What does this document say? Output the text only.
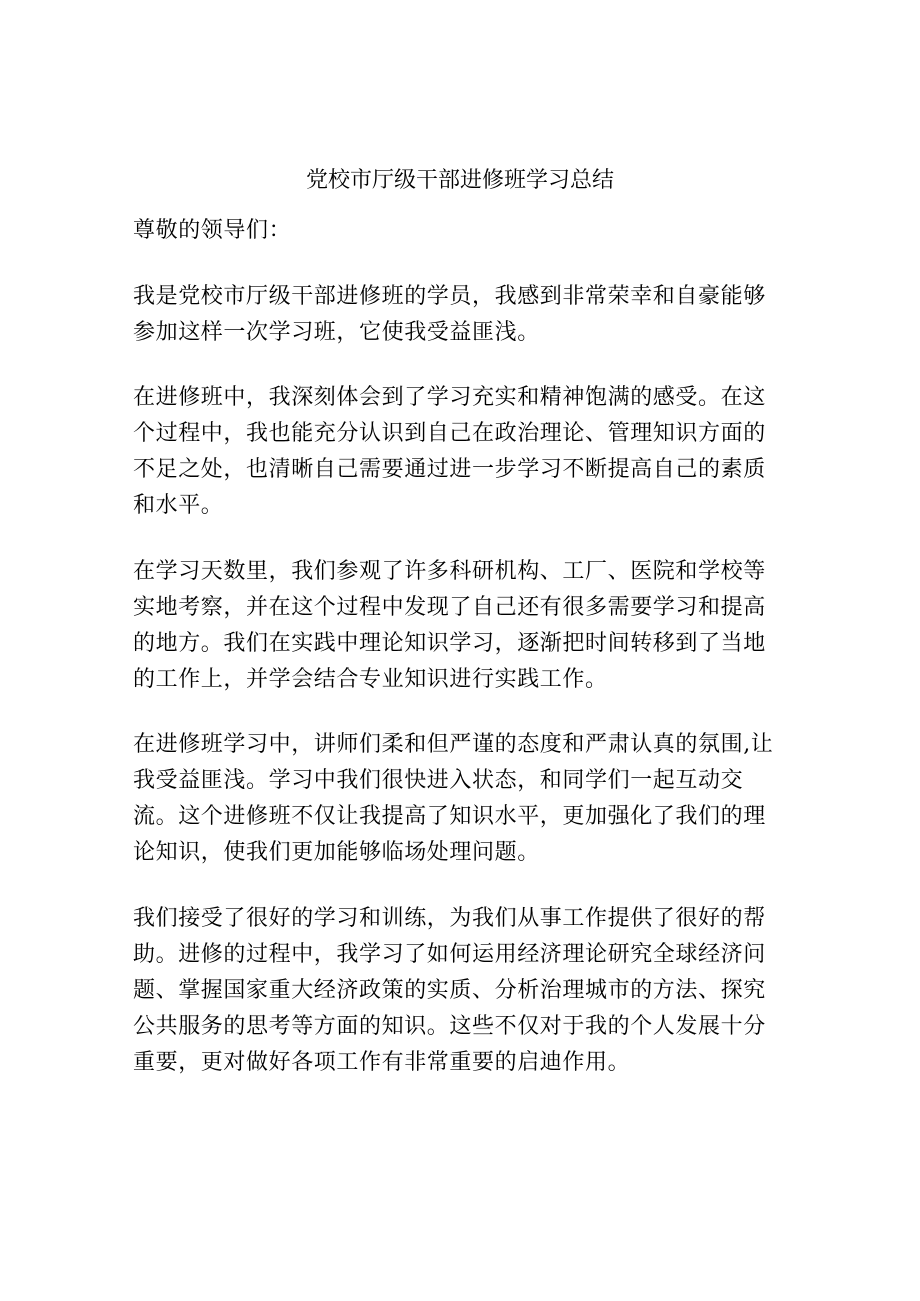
党校市厅级干部进修班学习总结

尊敬的领导们：

我是党校市厅级干部进修班的学员，我感到非常荣幸和自豪能够
参加这样一次学习班，它使我受益匪浅。

在进修班中，我深刻体会到了学习充实和精神饱满的感受。在这
个过程中，我也能充分认识到自己在政治理论、管理知识方面的
不足之处，也清晰自己需要通过进一步学习不断提高自己的素质
和水平。

在学习天数里，我们参观了许多科研机构、工厂、医院和学校等
实地考察，并在这个过程中发现了自己还有很多需要学习和提高
的地方。我们在实践中理论知识学习，逐渐把时间转移到了当地
的工作上，并学会结合专业知识进行实践工作。

在进修班学习中，讲师们柔和但严谨的态度和严肃认真的氛围,让
我受益匪浅。学习中我们很快进入状态，和同学们一起互动交
流。这个进修班不仅让我提高了知识水平，更加强化了我们的理
论知识，使我们更加能够临场处理问题。

我们接受了很好的学习和训练，为我们从事工作提供了很好的帮
助。进修的过程中，我学习了如何运用经济理论研究全球经济问
题、掌握国家重大经济政策的实质、分析治理城市的方法、探究
公共服务的思考等方面的知识。这些不仅对于我的个人发展十分
重要，更对做好各项工作有非常重要的启迪作用。
